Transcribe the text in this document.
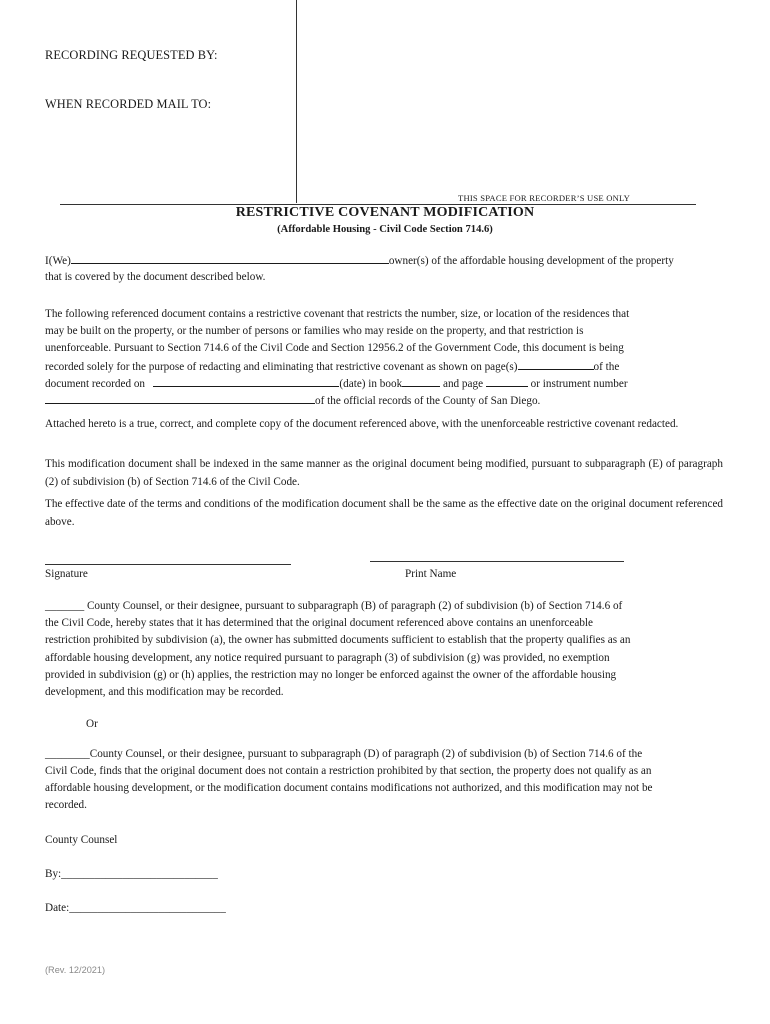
RECORDING REQUESTED BY:
WHEN RECORDED MAIL TO:
THIS SPACE FOR RECORDER’S USE ONLY
RESTRICTIVE COVENANT MODIFICATION
(Affordable Housing - Civil Code Section 714.6)
I(We)	owner(s) of the affordable housing development of the property
that is covered by the document described below.
The following referenced document contains a restrictive covenant that restricts the number, size, or location of the residences that
may be built on the property, or the number of persons or families who may reside on the property, and that restriction is
unenforceable. Pursuant to Section 714.6 of the Civil Code and Section 12956.2 of the Government Code, this document is being
recorded solely for the purpose of redacting and eliminating that restrictive covenant as shown on page(s)	of the
document recorded on	(date) in book	and page	or instrument number
of the official records of the County of San Diego.
Attached hereto is a true, correct, and complete copy of the document referenced above, with the unenforceable restrictive covenant redacted.
This modification document shall be indexed in the same manner as the original document being modified, pursuant to subparagraph (E) of paragraph (2) of subdivision (b) of Section 714.6 of the Civil Code.
The effective date of the terms and conditions of the modification document shall be the same as the effective date on the original document referenced above.
Signature	Print Name
_______ County Counsel, or their designee, pursuant to subparagraph (B) of paragraph (2) of subdivision (b) of Section 714.6 of
the Civil Code, hereby states that it has determined that the original document referenced above contains an unenforceable
restriction prohibited by subdivision (a), the owner has submitted documents sufficient to establish that the property qualifies as an
affordable housing development, any notice required pursuant to paragraph (3) of subdivision (g) was provided, no exemption
provided in subdivision (g) or (h) applies, the restriction may no longer be enforced against the owner of the affordable housing
development, and this modification may be recorded.
Or
________County Counsel, or their designee, pursuant to subparagraph (D) of paragraph (2) of subdivision (b) of Section 714.6 of the
Civil Code, finds that the original document does not contain a restriction prohibited by that section, the property does not qualify as an
affordable housing development, or the modification document contains modifications not authorized, and this modification may not be
recorded.
County Counsel
By:____________________________
Date:____________________________
(Rev. 12/2021)
